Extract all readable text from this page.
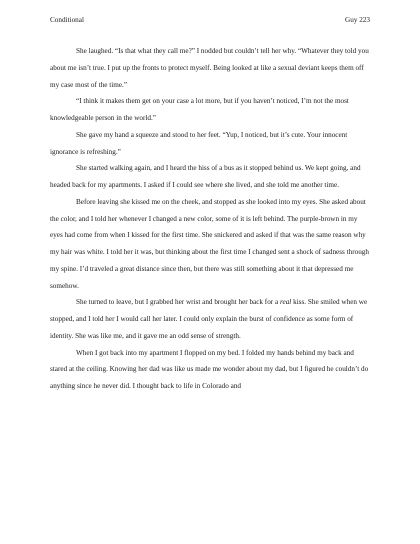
Conditional	Guy 223

She laughed. “Is that what they call me?” I nodded but couldn’t tell her why. “Whatever they told you about me isn’t true. I put up the fronts to protect myself. Being looked at like a sexual deviant keeps them off my case most of the time.”

“I think it makes them get on your case a lot more, but if you haven’t noticed, I’m not the most knowledgeable person in the world.”

She gave my hand a squeeze and stood to her feet. “Yup, I noticed, but it’s cute. Your innocent ignorance is refreshing.”

She started walking again, and I heard the hiss of a bus as it stopped behind us. We kept going, and headed back for my apartments. I asked if I could see where she lived, and she told me another time.

Before leaving she kissed me on the cheek, and stopped as she looked into my eyes. She asked about the color, and I told her whenever I changed a new color, some of it is left behind. The purple-brown in my eyes had come from when I kissed for the first time. She snickered and asked if that was the same reason why my hair was white. I told her it was, but thinking about the first time I changed sent a shock of sadness through my spine. I’d traveled a great distance since then, but there was still something about it that depressed me somehow.

She turned to leave, but I grabbed her wrist and brought her back for a real kiss. She smiled when we stopped, and I told her I would call her later. I could only explain the burst of confidence as some form of identity. She was like me, and it gave me an odd sense of strength.

When I got back into my apartment I flopped on my bed. I folded my hands behind my back and stared at the ceiling. Knowing her dad was like us made me wonder about my dad, but I figured he couldn’t do anything since he never did. I thought back to life in Colorado and
